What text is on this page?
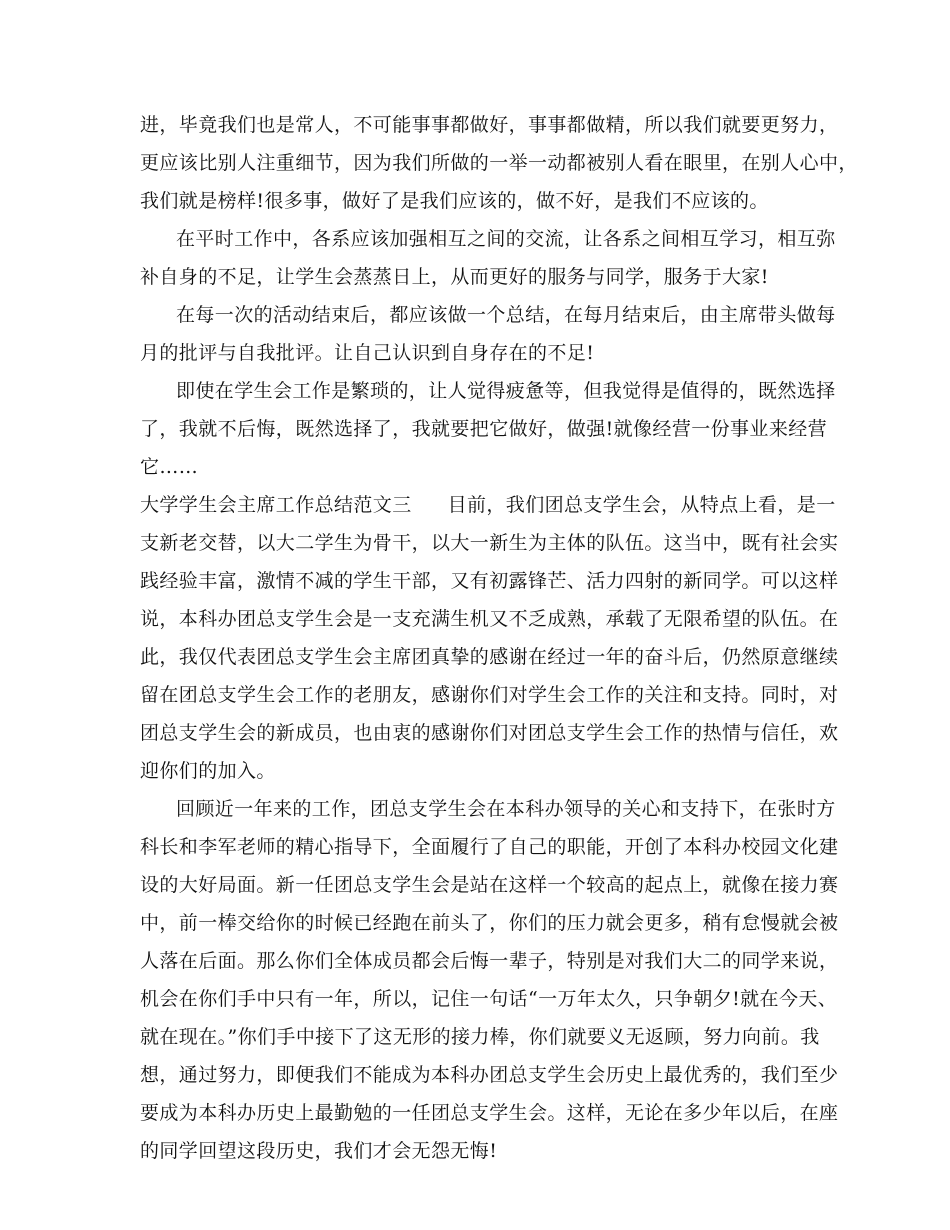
进，毕竟我们也是常人，不可能事事都做好，事事都做精，所以我们就要更努力，
更应该比别人注重细节，因为我们所做的一举一动都被别人看在眼里，在别人心中，
我们就是榜样!很多事，做好了是我们应该的，做不好，是我们不应该的。
在平时工作中，各系应该加强相互之间的交流，让各系之间相互学习，相互弥
补自身的不足，让学生会蒸蒸日上，从而更好的服务与同学，服务于大家!
在每一次的活动结束后，都应该做一个总结，在每月结束后，由主席带头做每
月的批评与自我批评。让自己认识到自身存在的不足!
即使在学生会工作是繁琐的，让人觉得疲惫等，但我觉得是值得的，既然选择
了，我就不后悔，既然选择了，我就要把它做好，做强!就像经营一份事业来经营
它……
大学学生会主席工作总结范文三 目前，我们团总支学生会，从特点上看，是一
支新老交替，以大二学生为骨干，以大一新生为主体的队伍。这当中，既有社会实
践经验丰富，激情不减的学生干部，又有初露锋芒、活力四射的新同学。可以这样
说，本科办团总支学生会是一支充满生机又不乏成熟，承载了无限希望的队伍。在
此，我仅代表团总支学生会主席团真挚的感谢在经过一年的奋斗后，仍然原意继续
留在团总支学生会工作的老朋友，感谢你们对学生会工作的关注和支持。同时，对
团总支学生会的新成员，也由衷的感谢你们对团总支学生会工作的热情与信任，欢
迎你们的加入。
回顾近一年来的工作，团总支学生会在本科办领导的关心和支持下，在张时方
科长和李军老师的精心指导下，全面履行了自己的职能，开创了本科办校园文化建
设的大好局面。新一任团总支学生会是站在这样一个较高的起点上，就像在接力赛
中，前一棒交给你的时候已经跑在前头了，你们的压力就会更多，稍有怠慢就会被
人落在后面。那么你们全体成员都会后悔一辈子，特别是对我们大二的同学来说，
机会在你们手中只有一年，所以，记住一句话“一万年太久，只争朝夕!就在今天、
就在现在。”你们手中接下了这无形的接力棒，你们就要义无返顾，努力向前。我
想，通过努力，即便我们不能成为本科办团总支学生会历史上最优秀的，我们至少
要成为本科办历史上最勤勉的一任团总支学生会。这样，无论在多少年以后，在座
的同学回望这段历史，我们才会无怨无悔!
